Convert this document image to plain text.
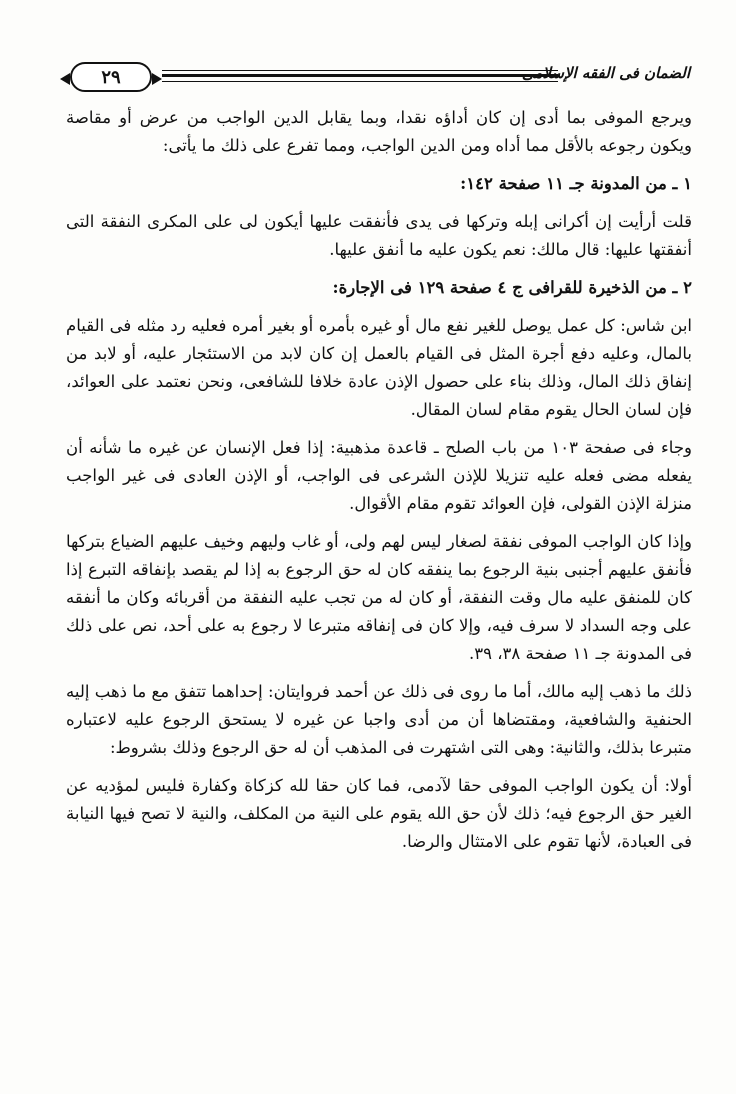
٢٩	الضمان فى الفقه الإسلامى

ويرجع الموفى بما أدى إن كان أداؤه نقدا، وبما يقابل الدين الواجب من عرض أو مقاصة ويكون رجوعه بالأقل مما أداه ومن الدين الواجب، ومما تفرع على ذلك ما يأتى:

١ ـ من المدونة جـ ١١ صفحة ١٤٢:

قلت أرأيت إن أكرانى إبله وتركها فى يدى فأنفقت عليها أيكون لى على المكرى النفقة التى أنفقتها عليها: قال مالك: نعم يكون عليه ما أنفق عليها.

٢ ـ من الذخيرة للقرافى ج ٤ صفحة ١٢٩ فى الإجارة:

ابن شاس: كل عمل يوصل للغير نفع مال أو غيره بأمره أو بغير أمره فعليه رد مثله فى القيام بالمال، وعليه دفع أجرة المثل فى القيام بالعمل إن كان لابد من الاستئجار عليه، أو لابد من إنفاق ذلك المال، وذلك بناء على حصول الإذن عادة خلافا للشافعى، ونحن نعتمد على العوائد، فإن لسان الحال يقوم مقام لسان المقال.

وجاء فى صفحة ١٠٣ من باب الصلح ـ قاعدة مذهبية: إذا فعل الإنسان عن غيره ما شأنه أن يفعله مضى فعله عليه تنزيلا للإذن الشرعى فى الواجب، أو الإذن العادى فى غير الواجب منزلة الإذن القولى، فإن العوائد تقوم مقام الأقوال.

وإذا كان الواجب الموفى نفقة لصغار ليس لهم ولى، أو غاب وليهم وخيف عليهم الضياع بتركها فأنفق عليهم أجنبى بنية الرجوع بما ينفقه كان له حق الرجوع به إذا لم يقصد بإنفاقه التبرع إذا كان للمنفق عليه مال وقت النفقة، أو كان له من تجب عليه النفقة من أقربائه وكان ما أنفقه على وجه السداد لا سرف فيه، وإلا كان فى إنفاقه متبرعا لا رجوع به على أحد، نص على ذلك فى المدونة جـ ١١ صفحة ٣٨، ٣٩.

ذلك ما ذهب إليه مالك، أما ما روى فى ذلك عن أحمد فروايتان: إحداهما تتفق مع ما ذهب إليه الحنفية والشافعية، ومقتضاها أن من أدى واجبا عن غيره لا يستحق الرجوع عليه لاعتباره متبرعا بذلك، والثانية: وهى التى اشتهرت فى المذهب أن له حق الرجوع وذلك بشروط:

أولا: أن يكون الواجب الموفى حقا لآدمى، فما كان حقا لله كزكاة وكفارة فليس لمؤديه عن الغير حق الرجوع فيه؛ ذلك لأن حق الله يقوم على النية من المكلف، والنية لا تصح فيها النيابة فى العبادة، لأنها تقوم على الامتثال والرضا.
